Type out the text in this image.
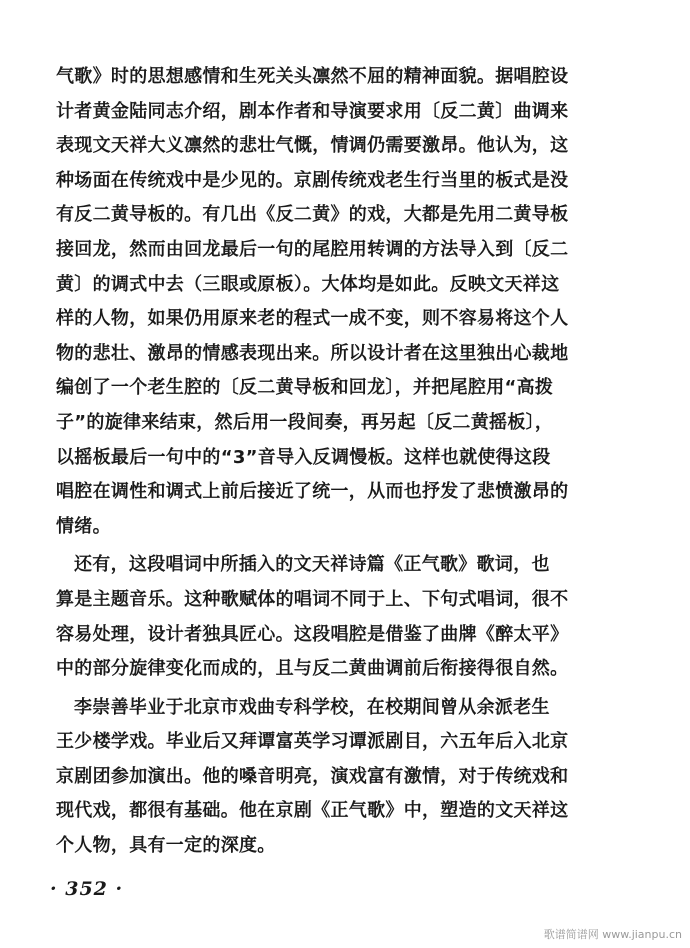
气歌》时的思想感情和生死关头凛然不屈的精神面貌。据唱腔设
计者黄金陆同志介绍，剧本作者和导演要求用〔反二黄〕曲调来
表现文天祥大义凛然的悲壮气慨，情调仍需要激昂。他认为，这
种场面在传统戏中是少见的。京剧传统戏老生行当里的板式是没
有反二黄导板的。有几出《反二黄》的戏，大都是先用二黄导板
接回龙，然而由回龙最后一句的尾腔用转调的方法导入到〔反二
黄〕的调式中去（三眼或原板）。大体均是如此。反映文天祥这
样的人物，如果仍用原来老的程式一成不变，则不容易将这个人
物的悲壮、激昂的情感表现出来。所以设计者在这里独出心裁地
编创了一个老生腔的〔反二黄导板和回龙〕，并把尾腔用“高拨
子”的旋律来结束，然后用一段间奏，再另起〔反二黄摇板〕，
以摇板最后一句中的“3”音导入反调慢板。这样也就使得这段
唱腔在调性和调式上前后接近了统一，从而也抒发了悲愤激昂的
情绪。

还有，这段唱词中所插入的文天祥诗篇《正气歌》歌词，也
算是主题音乐。这种歌赋体的唱词不同于上、下句式唱词，很不
容易处理，设计者独具匠心。这段唱腔是借鉴了曲牌《醉太平》
中的部分旋律变化而成的，且与反二黄曲调前后衔接得很自然。

李崇善毕业于北京市戏曲专科学校，在校期间曾从余派老生
王少楼学戏。毕业后又拜谭富英学习谭派剧目，六五年后入北京
京剧团参加演出。他的嗓音明亮，演戏富有激情，对于传统戏和
现代戏，都很有基础。他在京剧《正气歌》中，塑造的文天祥这
个人物，具有一定的深度。

· 352 ·
歌谱简谱网 www.jianpu.cn
